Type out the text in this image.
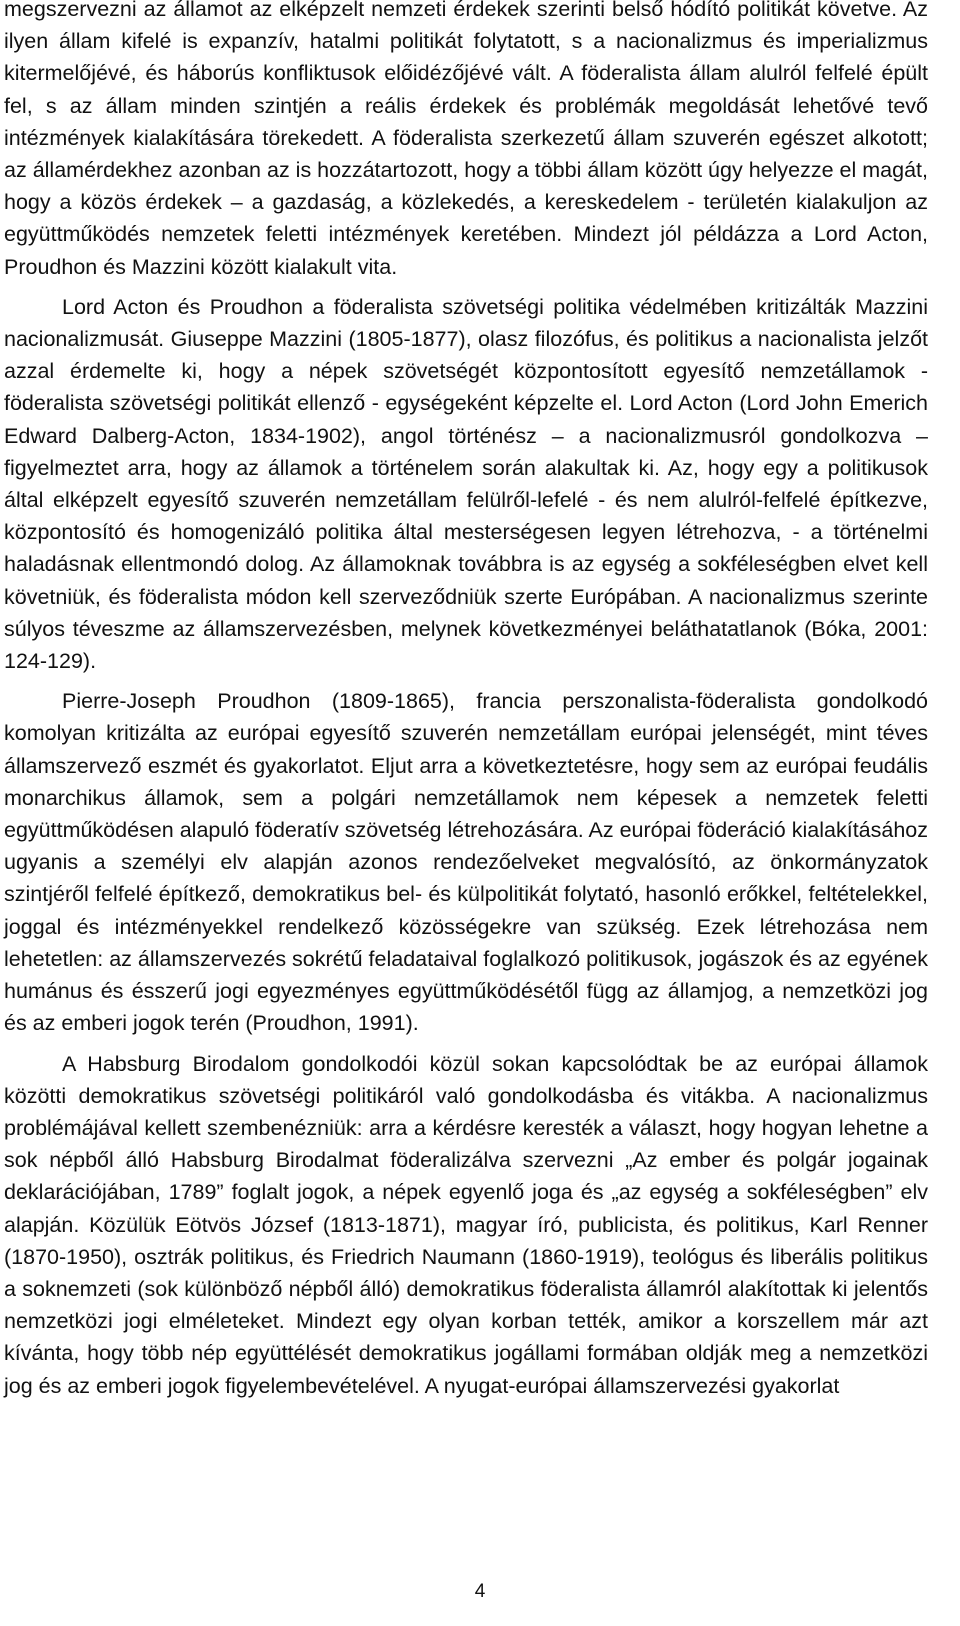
megszervezni az államot az elképzelt nemzeti érdekek szerinti belső hódító politikát követve. Az ilyen állam kifelé is expanzív, hatalmi politikát folytatott, s a nacionalizmus és imperializmus kitermelőjévé, és háborús konfliktusok előidézőjévé vált. A föderalista állam alulról felfelé épült fel, s az állam minden szintjén a reális érdekek és problémák megoldását lehetővé tevő intézmények kialakítására törekedett. A föderalista szerkezetű állam szuverén egészet alkotott; az államérdekhez azonban az is hozzátartozott, hogy a többi állam között úgy helyezze el magát, hogy a közös érdekek – a gazdaság, a közlekedés, a kereskedelem - területén kialakuljon az együttműködés nemzetek feletti intézmények keretében. Mindezt jól példázza a Lord Acton, Proudhon és Mazzini között kialakult vita.

Lord Acton és Proudhon a föderalista szövetségi politika védelmében kritizálták Mazzini nacionalizmusát. Giuseppe Mazzini (1805-1877), olasz filozófus, és politikus a nacionalista jelzőt azzal érdemelte ki, hogy a népek szövetségét központosított egyesítő nemzetállamok - föderalista szövetségi politikát ellenző - egységeként képzelte el. Lord Acton (Lord John Emerich Edward Dalberg-Acton, 1834-1902), angol történész – a nacionalizmusról gondolkozva – figyelmeztet arra, hogy az államok a történelem során alakultak ki. Az, hogy egy a politikusok által elképzelt egyesítő szuverén nemzetállam felülről-lefelé - és nem alulról-felfelé építkezve, központosító és homogenizáló politika által mesterségesen legyen létrehozva, - a történelmi haladásnak ellentmondó dolog. Az államoknak továbbra is az egység a sokféleségben elvet kell követniük, és föderalista módon kell szerveződniük szerte Európában. A nacionalizmus szerinte súlyos téveszme az államszervezésben, melynek következményei beláthatatlanok (Bóka, 2001: 124-129).

Pierre-Joseph Proudhon (1809-1865), francia perszonalista-föderalista gondolkodó komolyan kritizálta az európai egyesítő szuverén nemzetállam európai jelenségét, mint téves államszervező eszmét és gyakorlatot. Eljut arra a következtetésre, hogy sem az európai feudális monarchikus államok, sem a polgári nemzetállamok nem képesek a nemzetek feletti együttműködésen alapuló föderatív szövetség létrehozására. Az európai föderáció kialakításához ugyanis a személyi elv alapján azonos rendezőelveket megvalósító, az önkormányzatok szintjéről felfelé építkező, demokratikus bel- és külpolitikát folytató, hasonló erőkkel, feltételekkel, joggal és intézményekkel rendelkező közösségekre van szükség. Ezek létrehozása nem lehetetlen: az államszervezés sokrétű feladataival foglalkozó politikusok, jogászok és az egyének humánus és ésszerű jogi egyezményes együttműködésétől függ az államjog, a nemzetközi jog és az emberi jogok terén (Proudhon, 1991).

A Habsburg Birodalom gondolkodói közül sokan kapcsolódtak be az európai államok közötti demokratikus szövetségi politikáról való gondolkodásba és vitákba. A nacionalizmus problémájával kellett szembenézniük: arra a kérdésre keresték a választ, hogy hogyan lehetne a sok népből álló Habsburg Birodalmat föderalizálva szervezni „Az ember és polgár jogainak deklarációjában, 1789” foglalt jogok, a népek egyenlő joga és „az egység a sokféleségben” elv alapján. Közülük Eötvös József (1813-1871), magyar író, publicista, és politikus, Karl Renner (1870-1950), osztrák politikus, és Friedrich Naumann (1860-1919), teológus és liberális politikus a soknemzeti (sok különböző népből álló) demokratikus föderalista államról alakítottak ki jelentős nemzetközi jogi elméleteket. Mindezt egy olyan korban tették, amikor a korszellem már azt kívánta, hogy több nép együttélését demokratikus jogállami formában oldják meg a nemzetközi jog és az emberi jogok figyelembevételével. A nyugat-európai államszervezési gyakorlat

4
